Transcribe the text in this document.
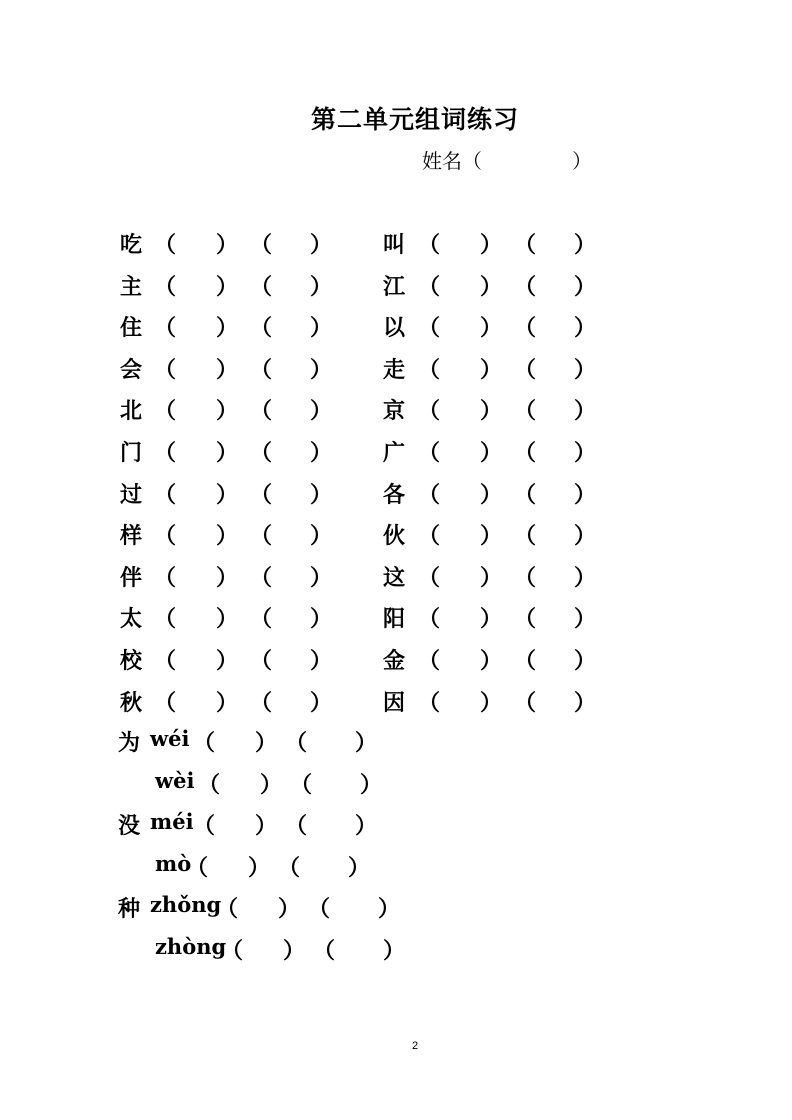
第二单元组词练习
姓名（	）
吃 （ ） （ ） 叫 （ ） （ ）
主 （ ） （ ） 江 （ ） （ ）
住 （ ） （ ） 以 （ ） （ ）
会 （ ） （ ） 走 （ ） （ ）
北 （ ） （ ） 京 （ ） （ ）
门 （ ） （ ） 广 （ ） （ ）
过 （ ） （ ） 各 （ ） （ ）
样 （ ） （ ） 伙 （ ） （ ）
伴 （ ） （ ） 这 （ ） （ ）
太 （ ） （ ） 阳 （ ） （ ）
校 （ ） （ ） 金 （ ） （ ）
秋 （ ） （ ） 因 （ ） （ ）
为 wéi （ ） （ ）
wèi （ ） （ ）
没 méi （ ） （ ）
mò
（ ） （ ）
种 zhǒng
（ ） （ ）
zhòng
（ ） （ ）
2
